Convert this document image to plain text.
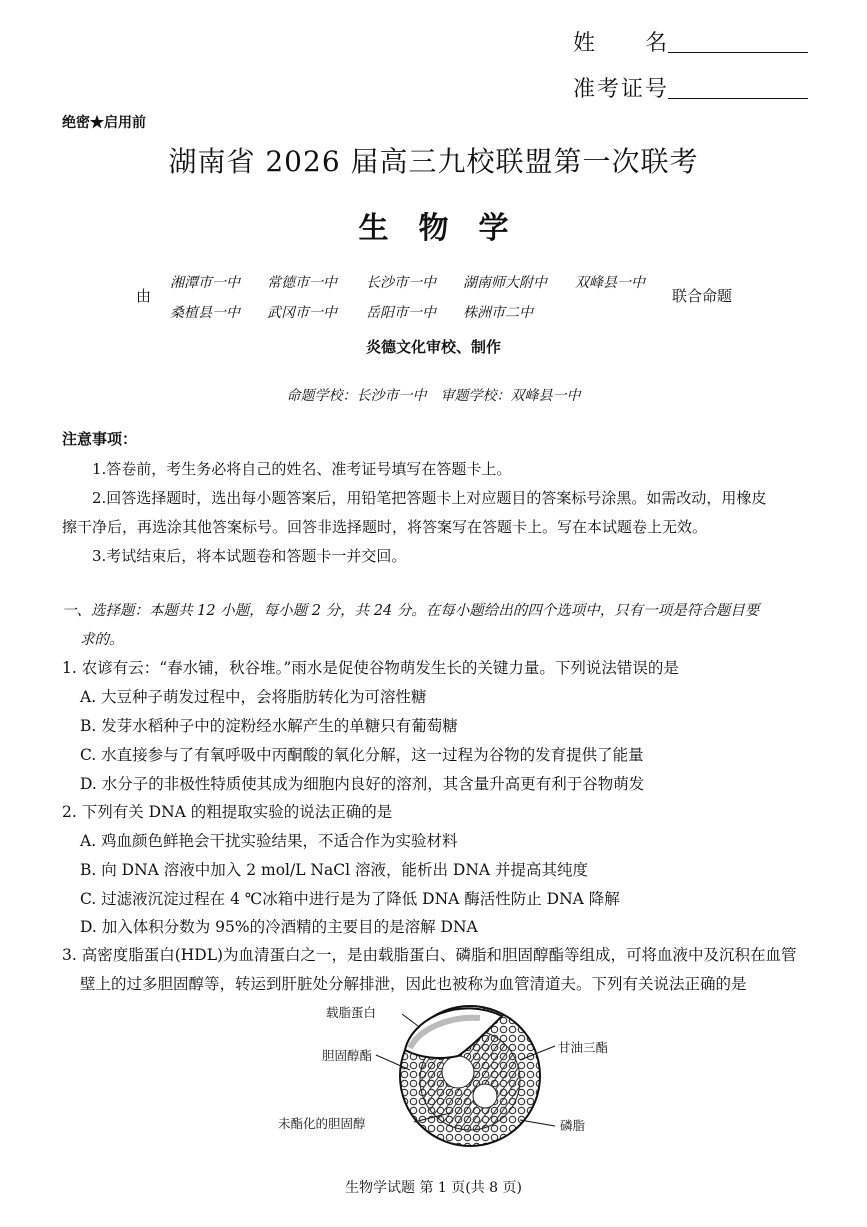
姓　　名
准考证号
绝密★启用前
湖南省 2026 届高三九校联盟第一次联考
生物学
由
湘潭市一中 常德市一中 长沙市一中 湖南师大附中 双峰县一中
桑植县一中 武冈市一中 岳阳市一中 株洲市二中
联合命题
炎德文化审校、制作
命题学校：长沙市一中　审题学校：双峰县一中
注意事项：
1.答卷前，考生务必将自己的姓名、准考证号填写在答题卡上。
2.回答选择题时，选出每小题答案后，用铅笔把答题卡上对应题目的答案标号涂黑。如需改动，用橡皮
擦干净后，再选涂其他答案标号。回答非选择题时，将答案写在答题卡上。写在本试题卷上无效。
3.考试结束后，将本试题卷和答题卡一并交回。
一、选择题：本题共 12 小题，每小题 2 分，共 24 分。在每小题给出的四个选项中，只有一项是符合题目要
求的。
1. 农谚有云：“春水铺，秋谷堆。”雨水是促使谷物萌发生长的关键力量。下列说法错误的是
A. 大豆种子萌发过程中，会将脂肪转化为可溶性糖
B. 发芽水稻种子中的淀粉经水解产生的单糖只有葡萄糖
C. 水直接参与了有氧呼吸中丙酮酸的氧化分解，这一过程为谷物的发育提供了能量
D. 水分子的非极性特质使其成为细胞内良好的溶剂，其含量升高更有利于谷物萌发
2. 下列有关 DNA 的粗提取实验的说法正确的是
A. 鸡血颜色鲜艳会干扰实验结果，不适合作为实验材料
B. 向 DNA 溶液中加入 2 mol/L NaCl 溶液，能析出 DNA 并提高其纯度
C. 过滤液沉淀过程在 4 ℃冰箱中进行是为了降低 DNA 酶活性防止 DNA 降解
D. 加入体积分数为 95%的冷酒精的主要目的是溶解 DNA
3. 高密度脂蛋白(HDL)为血清蛋白之一，是由载脂蛋白、磷脂和胆固醇酯等组成，可将血液中及沉积在血管
壁上的过多胆固醇等，转运到肝脏处分解排泄，因此也被称为血管清道夫。下列有关说法正确的是
载脂蛋白
甘油三酯
胆固醇酯
未酯化的胆固醇	磷脂
生物学试题 第 1 页(共 8 页)
